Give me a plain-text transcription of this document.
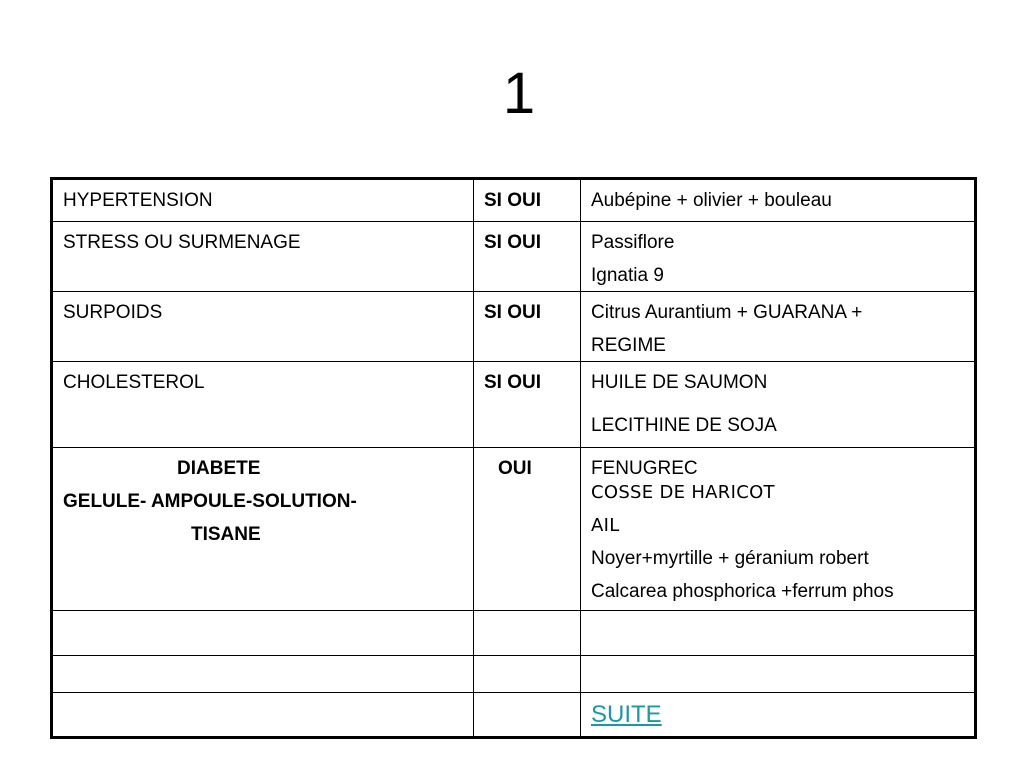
1
HYPERTENSION	SI OUI	Aubépine + olivier + bouleau

STRESS OU SURMENAGE	SI OUI	Passiflore
Ignatia 9

SURPOIDS	SI OUI	Citrus Aurantium + GUARANA +
REGIME

CHOLESTEROL	SI OUI	HUILE DE SAUMON
LECITHINE DE SOJA

DIABETE
GELULE- AMPOULE-SOLUTION-
TISANE	OUI	FENUGREC
COSSE DE HARICOT
AIL
Noyer+myrtille + géranium robert
Calcarea phosphorica +ferrum phos

		SUITE
